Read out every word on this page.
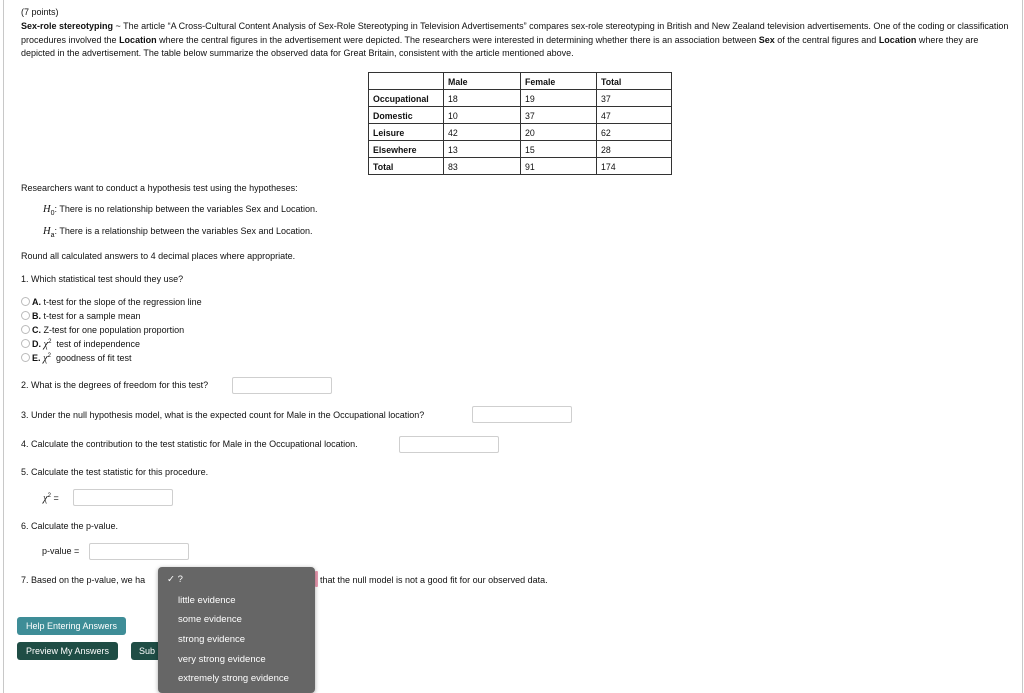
(7 points)
Sex-role stereotyping ~ The article “A Cross-Cultural Content Analysis of Sex-Role Stereotyping in Television Advertisements” compares sex-role stereotyping in British and New Zealand television advertisements. One of the coding or classification procedures involved the Location where the central figures in the advertisement were depicted. The researchers were interested in determining whether there is an association between Sex of the central figures and Location where they are depicted in the advertisement. The table below summarize the observed data for Great Britain, consistent with the article mentioned above.
	Male	Female	Total
Occupational	18	19	37
Domestic	10	37	47
Leisure	42	20	62
Elsewhere	13	15	28
Total	83	91	174
Researchers want to conduct a hypothesis test using the hypotheses:
$H_0$: There is no relationship between the variables Sex and Location.
$H_a$: There is a relationship between the variables Sex and Location.
Round all calculated answers to 4 decimal places where appropriate.
1. Which statistical test should they use?
A. t-test for the slope of the regression line
B. t-test for a sample mean
C. Z-test for one population proportion
D. $\chi^2$ test of independence
E. $\chi^2$ goodness of fit test
2. What is the degrees of freedom for this test?
3. Under the null hypothesis model, what is the expected count for Male in the Occupational location?
4. Calculate the contribution to the test statistic for Male in the Occupational location.
5. Calculate the test statistic for this procedure.
$\chi^2$ =
6. Calculate the p-value.
p-value =
7. Based on the p-value, we ha	that the null model is not a good fit for our observed data.
Help Entering Answers
Preview My Answers	Sub
✓ ?
little evidence
some evidence
strong evidence
very strong evidence
extremely strong evidence
